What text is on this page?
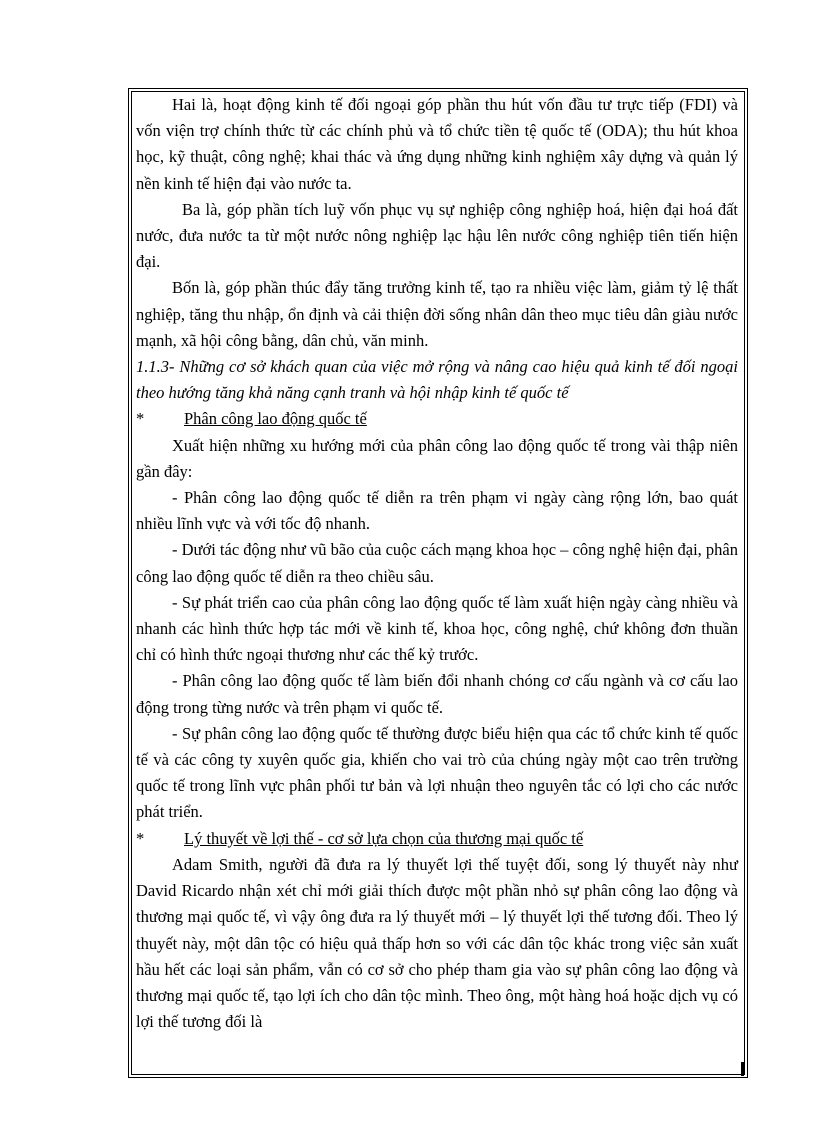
Hai là, hoạt động kinh tế đối ngoại góp phần thu hút vốn đầu tư trực tiếp (FDI) và vốn viện trợ chính thức từ các chính phủ và tổ chức tiền tệ quốc tế (ODA); thu hút khoa học, kỹ thuật, công nghệ; khai thác và ứng dụng những kinh nghiệm xây dựng và quản lý nền kinh tế hiện đại vào nước ta.

Ba là, góp phần tích luỹ vốn phục vụ sự nghiệp công nghiệp hoá, hiện đại hoá đất nước, đưa nước ta từ một nước nông nghiệp lạc hậu lên nước công nghiệp tiên tiến hiện đại.

Bốn là, góp phần thúc đẩy tăng trưởng kinh tế, tạo ra nhiều việc làm, giảm tỷ lệ thất nghiệp, tăng thu nhập, ổn định và cải thiện đời sống nhân dân theo mục tiêu dân giàu nước mạnh, xã hội công bằng, dân chủ, văn minh.

1.1.3- Những cơ sở khách quan của việc mở rộng và nâng cao hiệu quả kinh tế đối ngoại theo hướng tăng khả năng cạnh tranh và hội nhập kinh tế quốc tế

*	Phân công lao động quốc tế

Xuất hiện những xu hướng mới của phân công lao động quốc tế trong vài thập niên gần đây:

- Phân công lao động quốc tế diễn ra trên phạm vi ngày càng rộng lớn, bao quát nhiều lĩnh vực và với tốc độ nhanh.

- Dưới tác động như vũ bão của cuộc cách mạng khoa học – công nghệ hiện đại, phân công lao động quốc tế diễn ra theo chiều sâu.

- Sự phát triển cao của phân công lao động quốc tế làm xuất hiện ngày càng nhiều và nhanh các hình thức hợp tác mới về kinh tế, khoa học, công nghệ, chứ không đơn thuần chỉ có hình thức ngoại thương như các thế kỷ trước.

- Phân công lao động quốc tế làm biến đổi nhanh chóng cơ cấu ngành và cơ cấu lao động trong từng nước và trên phạm vi quốc tế.

- Sự phân công lao động quốc tế thường được biểu hiện qua các tổ chức kinh tế quốc tế và các công ty xuyên quốc gia, khiến cho vai trò của chúng ngày một cao trên trường quốc tế trong lĩnh vực phân phối tư bản và lợi nhuận theo nguyên tắc có lợi cho các nước phát triển.

*	Lý thuyết về lợi thế - cơ sở lựa chọn của thương mại quốc tế

Adam Smith, người đã đưa ra lý thuyết lợi thế tuyệt đối, song lý thuyết này như David Ricardo nhận xét chỉ mới giải thích được một phần nhỏ sự phân công lao động và thương mại quốc tế, vì vậy ông đưa ra lý thuyết mới – lý thuyết lợi thế tương đối. Theo lý thuyết này, một dân tộc có hiệu quả thấp hơn so với các dân tộc khác trong việc sản xuất hầu hết các loại sản phẩm, vẫn có cơ sở cho phép tham gia vào sự phân công lao động và thương mại quốc tế, tạo lợi ích cho dân tộc mình. Theo ông, một hàng hoá hoặc dịch vụ có lợi thế tương đối là
